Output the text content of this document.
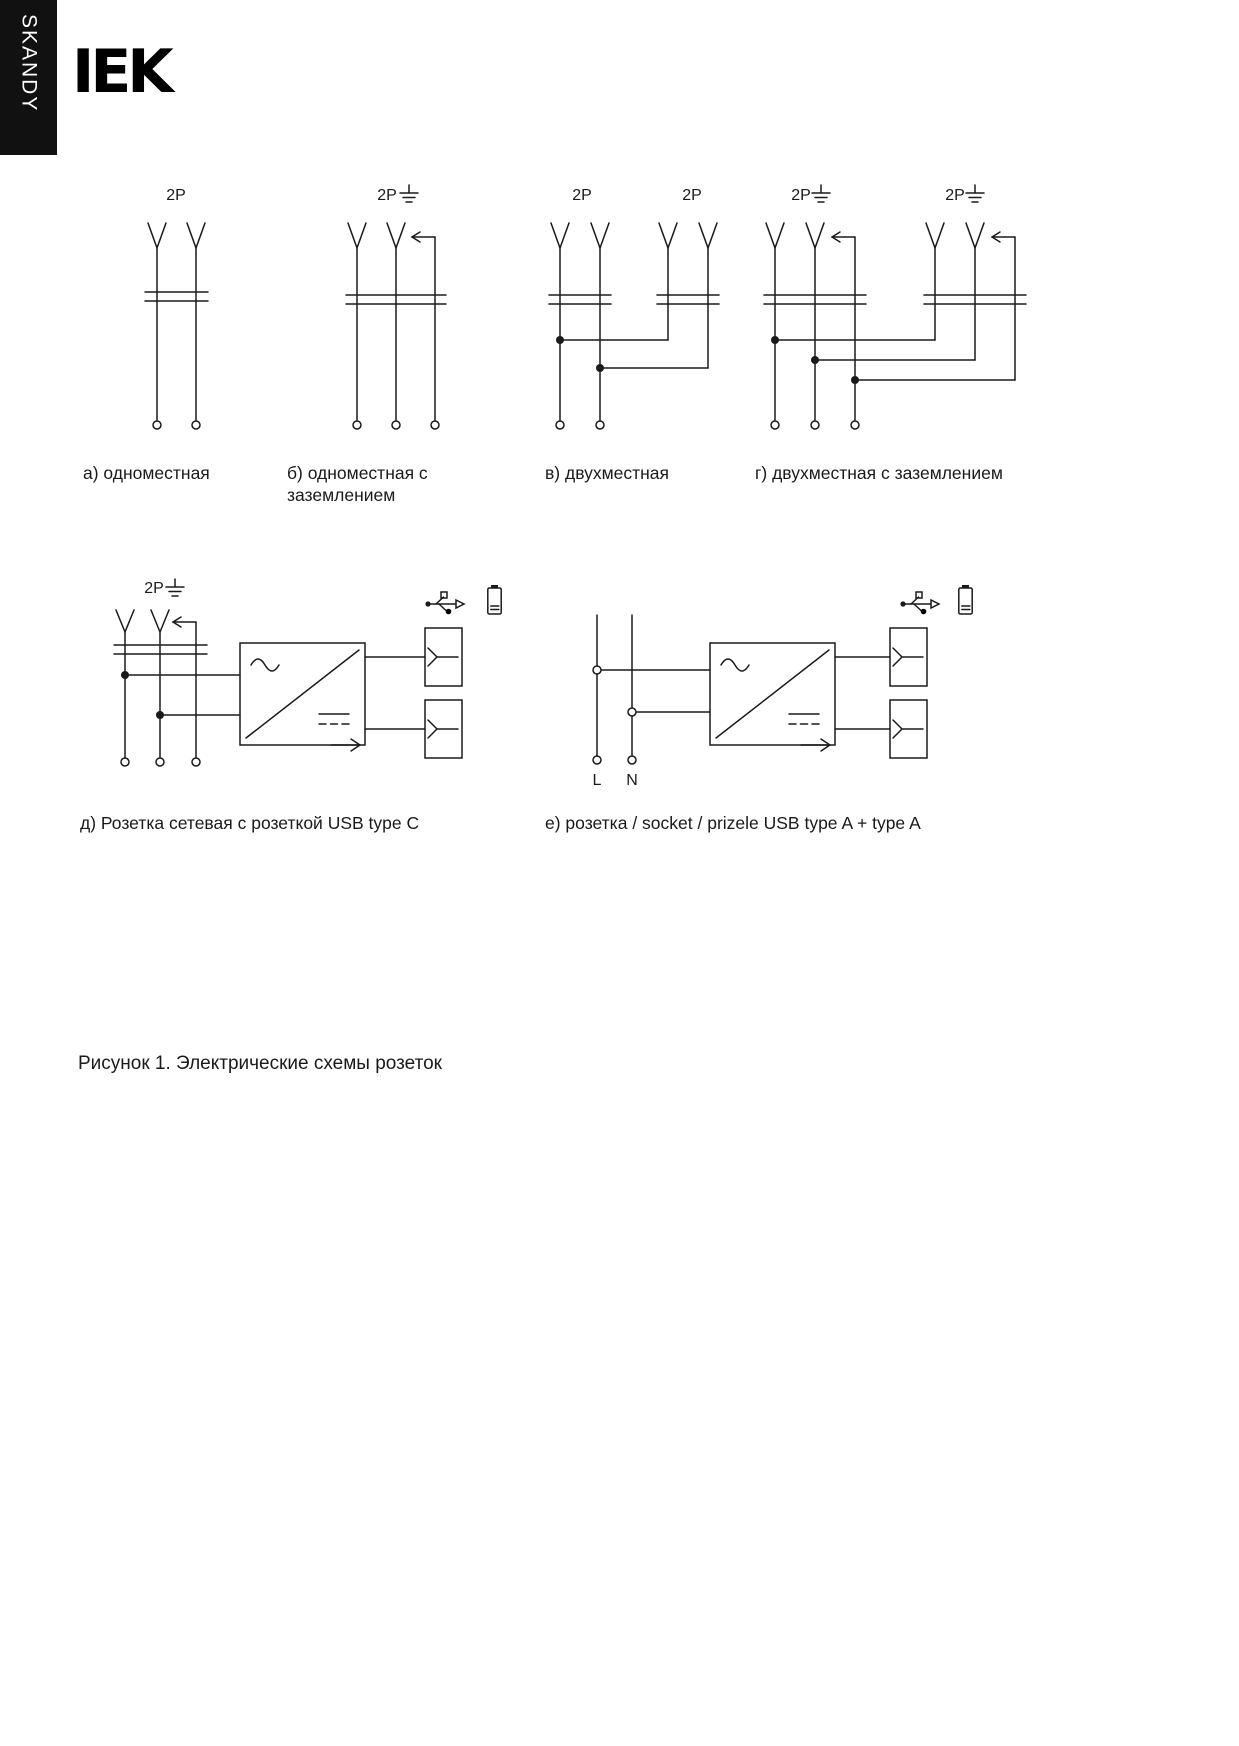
SKANDY IEK
2P	2P	2P	2P	2P	2P
2P
L N
а) одноместная	б) одноместная с
заземлением
в) двухместная	г) двухместная с заземлением
д) Розетка сетевая с розеткой USB type C	е) розетка / socket / prizele USB type A + type A
Рисунок 1. Электрические схемы розеток
